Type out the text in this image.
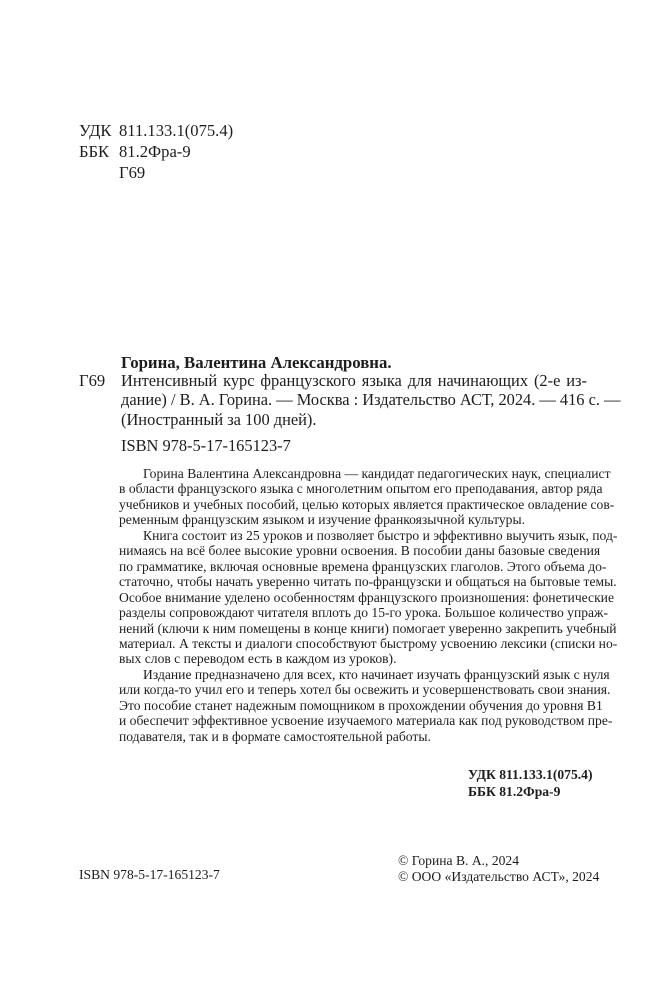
УДК 811.133.1(075.4)
ББК 81.2Фра-9
Г69
Горина, Валентина Александровна.
Г69 Интенсивный курс французского языка для начинающих (2-е из-
дание) / В. А. Горина. — Москва : Издательство АСТ, 2024. — 416 с. —
(Иностранный за 100 дней).
ISBN 978-5-17-165123-7
Горина Валентина Александровна — кандидат педагогических наук, специалист
в области французского языка с многолетним опытом его преподавания, автор ряда
учебников и учебных пособий, целью которых является практическое овладение сов-
ременным французским языком и изучение франкоязычной культуры.
Книга состоит из 25 уроков и позволяет быстро и эффективно выучить язык, под-
нимаясь на всё более высокие уровни освоения. В пособии даны базовые сведения
по грамматике, включая основные времена французских глаголов. Этого объема до-
статочно, чтобы начать уверенно читать по-французски и общаться на бытовые темы.
Особое внимание уделено особенностям французского произношения: фонетические
разделы сопровождают читателя вплоть до 15-го урока. Большое количество упраж-
нений (ключи к ним помещены в конце книги) помогает уверенно закрепить учебный
материал. А тексты и диалоги способствуют быстрому усвоению лексики (списки но-
вых слов с переводом есть в каждом из уроков).
Издание предназначено для всех, кто начинает изучать французский язык с нуля
или когда-то учил его и теперь хотел бы освежить и усовершенствовать свои знания.
Это пособие станет надежным помощником в прохождении обучения до уровня B1
и обеспечит эффективное усвоение изучаемого материала как под руководством пре-
подавателя, так и в формате самостоятельной работы.
УДК 811.133.1(075.4)
ББК 81.2Фра-9
ISBN 978-5-17-165123-7
© Горина В. А., 2024
© ООО «Издательство АСТ», 2024
